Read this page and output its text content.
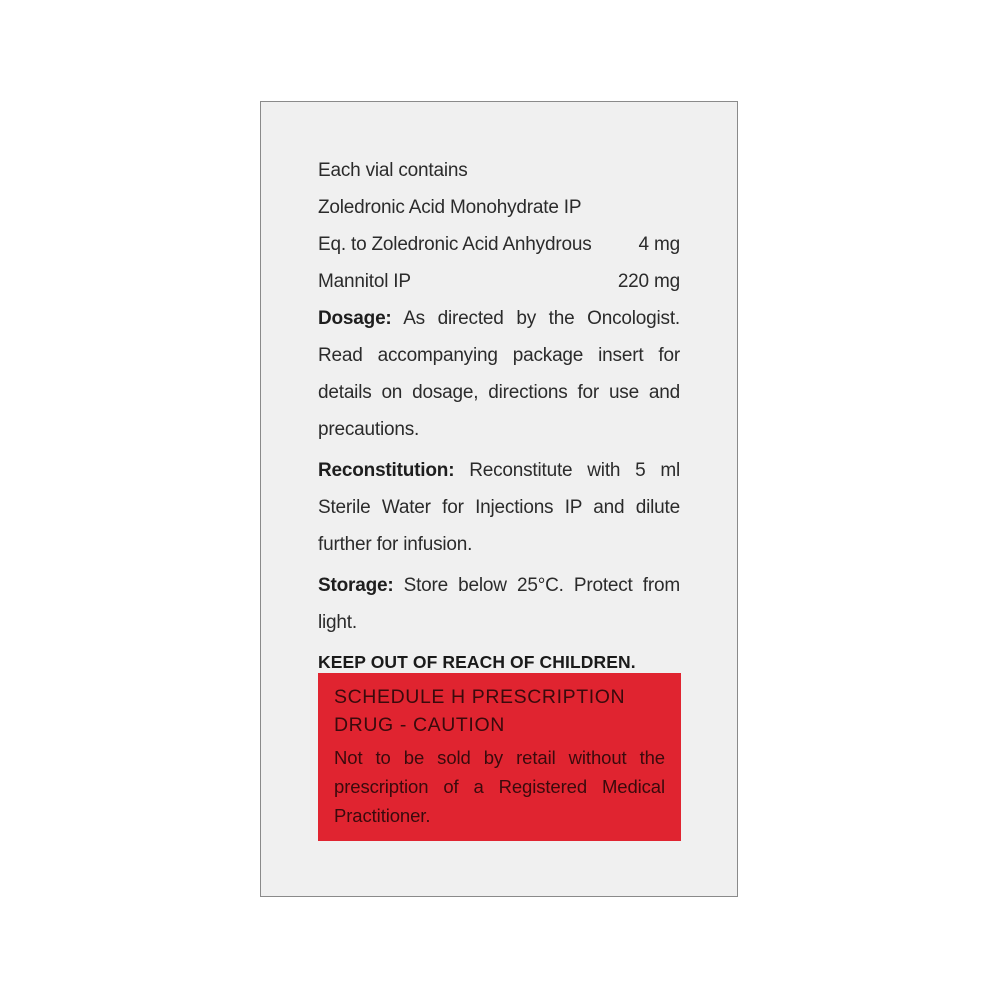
Each vial contains
Zoledronic Acid Monohydrate IP
Eq. to Zoledronic Acid Anhydrous 4 mg
Mannitol IP	220 mg
Dosage: As directed by the Oncologist. Read accompanying package insert for details on dosage, directions for use and precautions.
Reconstitution: Reconstitute with 5 ml Sterile Water for Injections IP and dilute further for infusion.
Storage: Store below 25°C. Protect from light.
KEEP OUT OF REACH OF CHILDREN.
SCHEDULE H PRESCRIPTION
DRUG - CAUTION
Not to be sold by retail without the prescription of a Registered Medical Practitioner.
